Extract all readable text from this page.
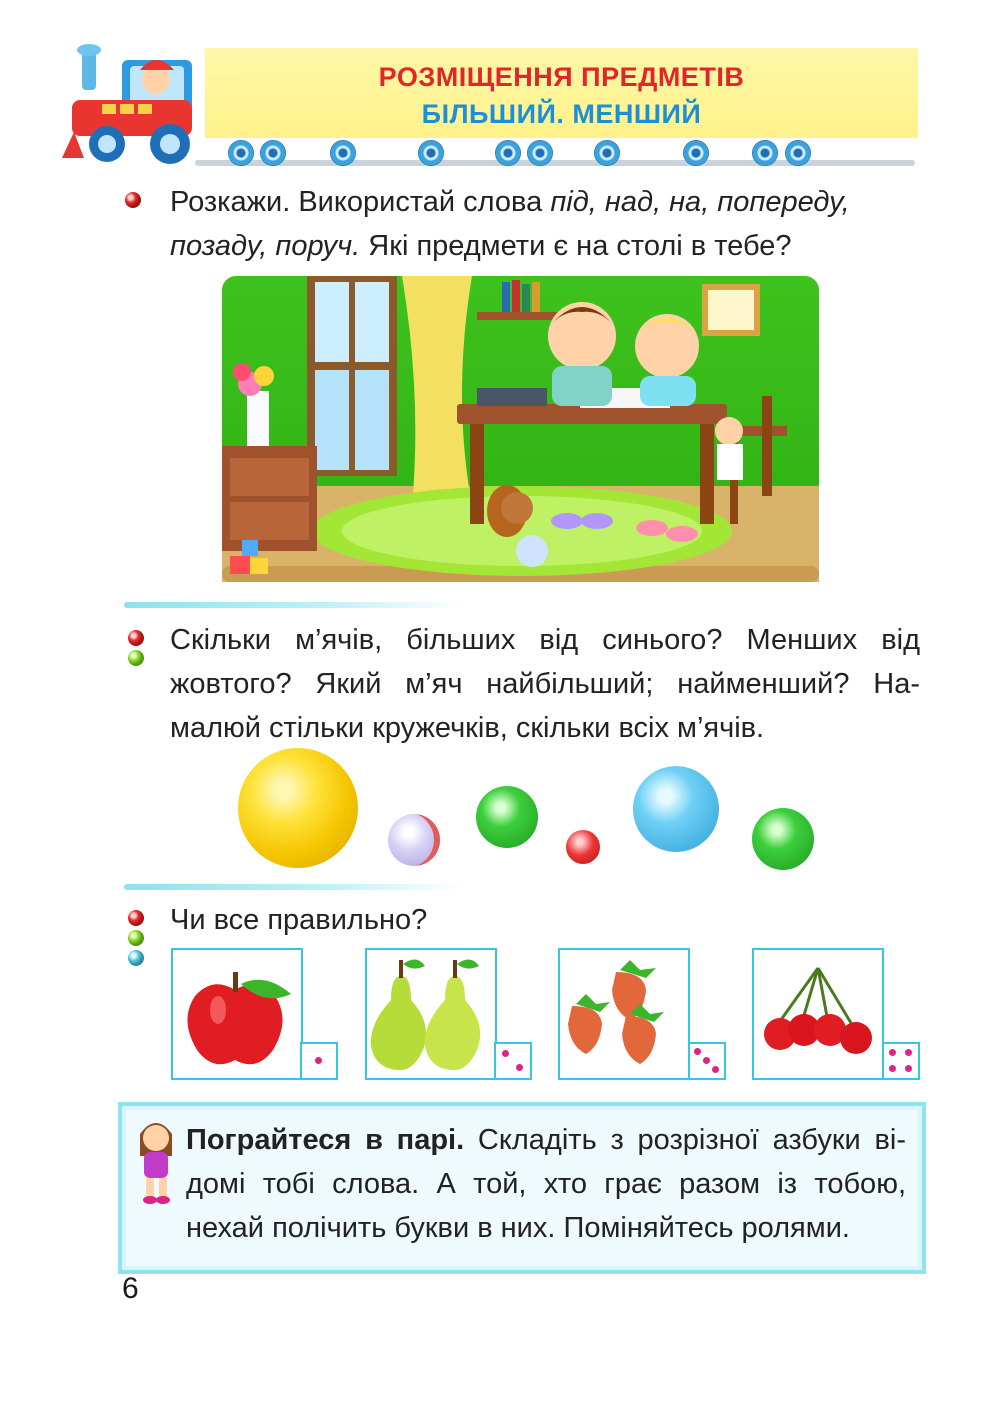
РОЗМІЩЕННЯ ПРЕДМЕТІВ
БІЛЬШИЙ. МЕНШИЙ
Розкажи. Використай слова під, над, на, попереду, позаду, поруч. Які предмети є на столі в тебе?
Скільки м’ячів, більших від синього? Менших від жовтого? Який м’яч найбільший; найменший? На-малюй стільки кружечків, скільки всіх м’ячів.
Чи все правильно?
Пограйтеся в парі. Складіть з розрізної азбуки ві-домі тобі слова. А той, хто грає разом із тобою, нехай полічить букви в них. Поміняйтесь ролями.
6
